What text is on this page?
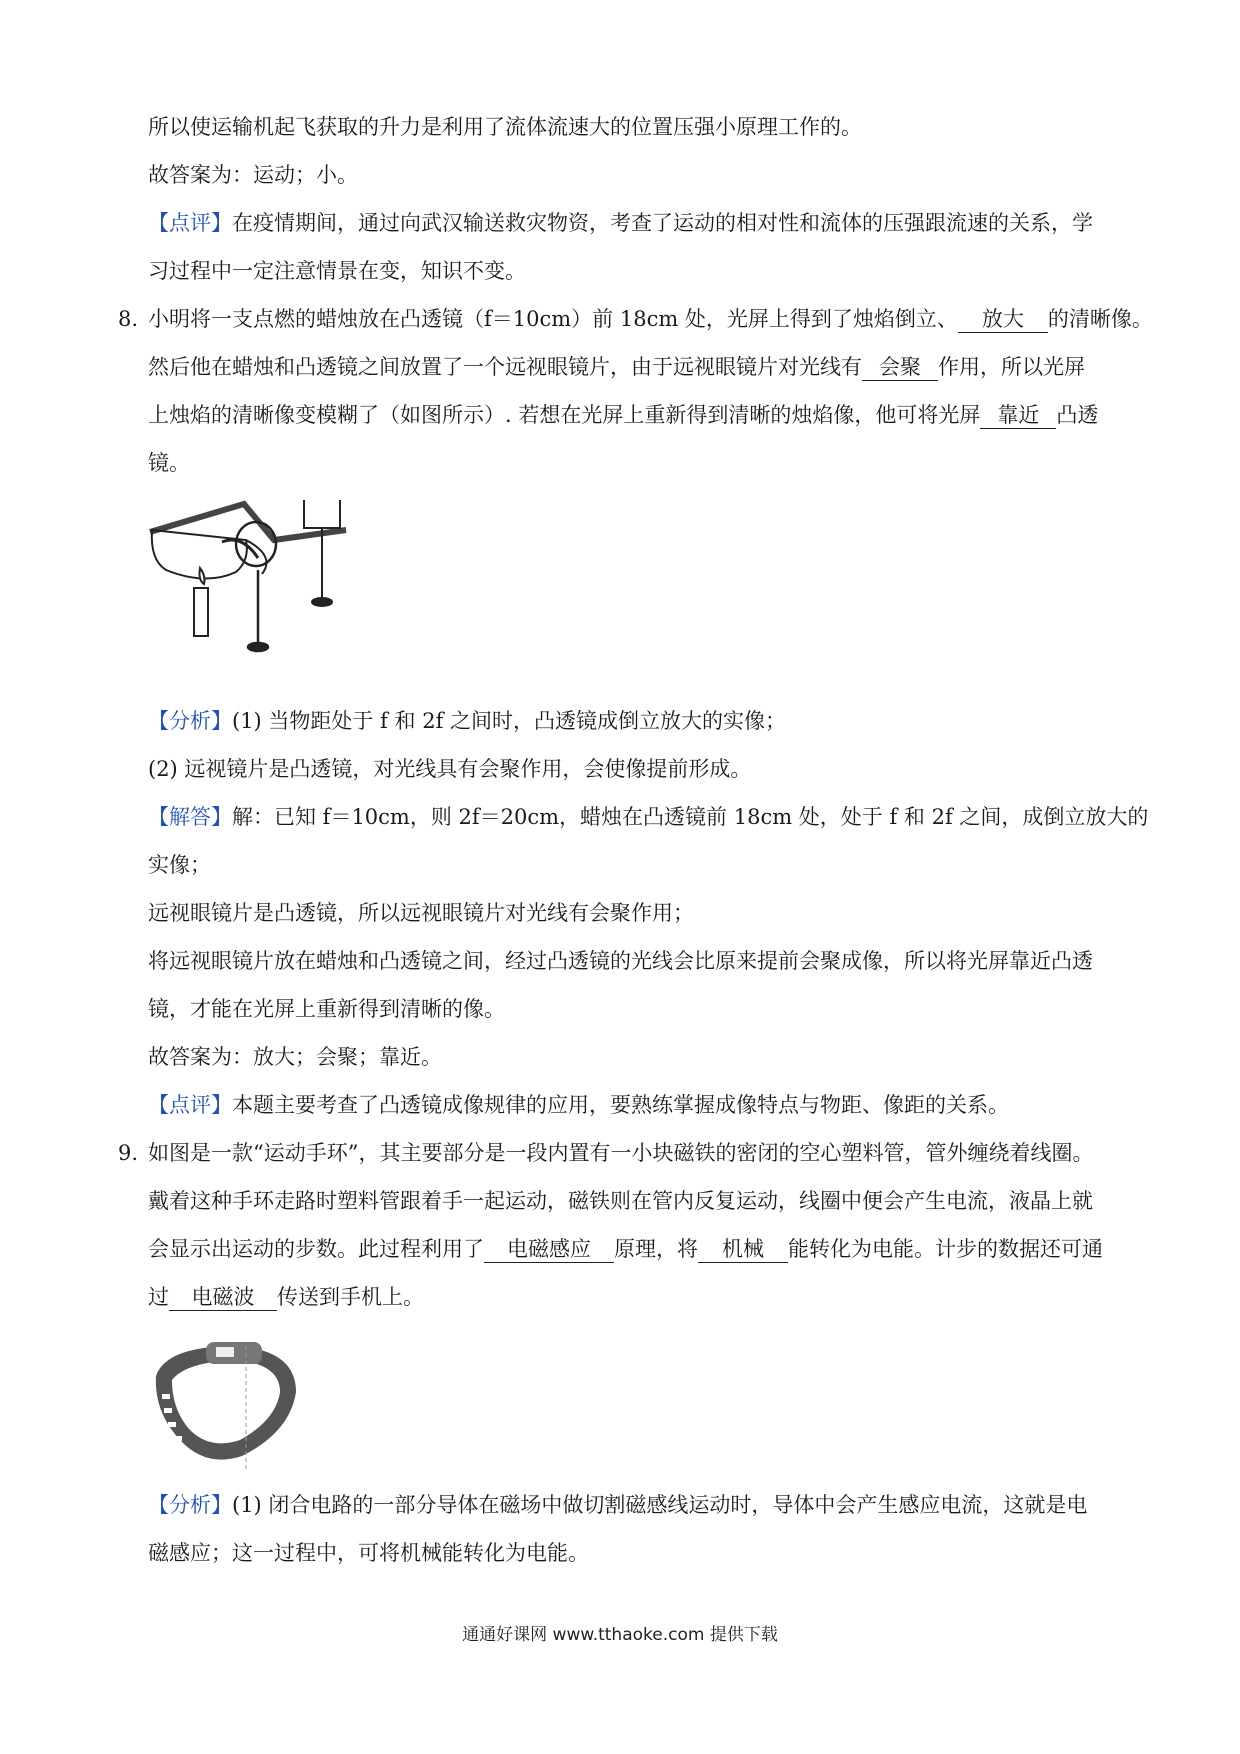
所以使运输机起飞获取的升力是利用了流体流速大的位置压强小原理工作的。
故答案为：运动；小。
【点评】在疫情期间，通过向武汉输送救灾物资，考查了运动的相对性和流体的压强跟流速的关系，学
习过程中一定注意情景在变，知识不变。
8. 小明将一支点燃的蜡烛放在凸透镜（f＝10cm）前 18cm 处，光屏上得到了烛焰倒立、 放大 的清晰像。
然后他在蜡烛和凸透镜之间放置了一个远视眼镜片，由于远视眼镜片对光线有 会聚 作用，所以光屏
上烛焰的清晰像变模糊了（如图所示）. 若想在光屏上重新得到清晰的烛焰像，他可将光屏 靠近 凸透
镜。
【分析】(1) 当物距处于 f 和 2f 之间时，凸透镜成倒立放大的实像；
(2) 远视镜片是凸透镜，对光线具有会聚作用，会使像提前形成。
【解答】解：已知 f＝10cm，则 2f＝20cm，蜡烛在凸透镜前 18cm 处，处于 f 和 2f 之间，成倒立放大的
实像；
远视眼镜片是凸透镜，所以远视眼镜片对光线有会聚作用；
将远视眼镜片放在蜡烛和凸透镜之间，经过凸透镜的光线会比原来提前会聚成像，所以将光屏靠近凸透
镜，才能在光屏上重新得到清晰的像。
故答案为：放大；会聚；靠近。
【点评】本题主要考查了凸透镜成像规律的应用，要熟练掌握成像特点与物距、像距的关系。
9. 如图是一款“运动手环”，其主要部分是一段内置有一小块磁铁的密闭的空心塑料管，管外缠绕着线圈。
戴着这种手环走路时塑料管跟着手一起运动，磁铁则在管内反复运动，线圈中便会产生电流，液晶上就
会显示出运动的步数。此过程利用了 电磁感应 原理，将 机械 能转化为电能。计步的数据还可通
过 电磁波 传送到手机上。
【分析】(1) 闭合电路的一部分导体在磁场中做切割磁感线运动时，导体中会产生感应电流，这就是电
磁感应；这一过程中，可将机械能转化为电能。
通通好课网 www.tthaoke.com 提供下载
